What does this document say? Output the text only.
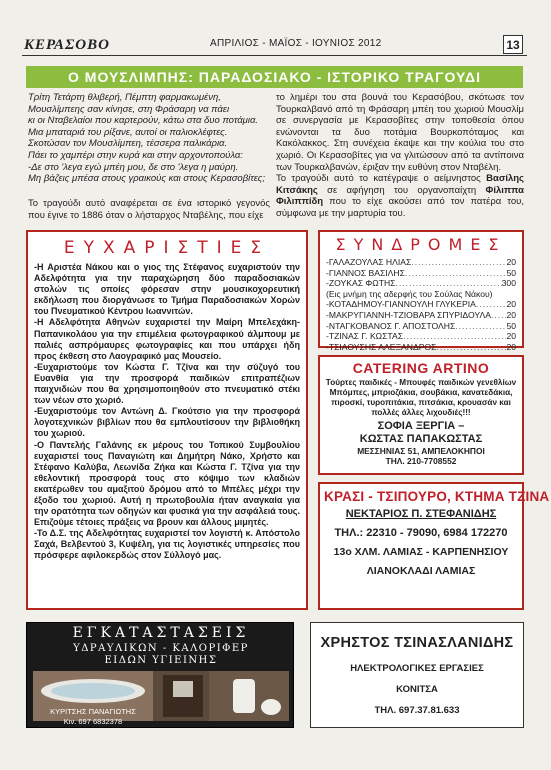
ΚΕΡΑΣΟΒΟ	ΑΠΡΙΛΙΟΣ - ΜΑΪΟΣ - ΙΟΥΝΙΟΣ 2012	13
Ο ΜΟΥΣΛΙΜΠΗΣ: ΠΑΡΑΔΟΣΙΑΚΟ - ΙΣΤΟΡΙΚΟ ΤΡΑΓΟΥΔΙ
Τρίτη Τετάρτη θλιβερή, Πέμπτη φαρμακωμένη,
Μουσλίμπεης σαν κίνησε, στη Φράσαρη να πάει
κι οι Νταβελαίοι που καρτερούν, κάτω στα δυο ποτάμια.
Μια μπαταριά του ρίξανε, αυτοί οι παλιοκλέφτες.
Σκοτώσαν τον Μουσλίμπεη, τέσσερα παλικάρια.
Πάει το χαμπέρι στην κυρά και στην αρχοντοπούλα:
-Δε στο 'λεγα εγώ μπέη μου, δε στο 'λεγα η μαύρη.
Μη βάζεις μπέσα στους γραικούς και στους Κερασοβίτες;
Το τραγούδι αυτό αναφέρεται σε ένα ιστορικό γεγονός που έγινε το 1886 όταν ο λήσταρχος Νταβέλης, που είχε
το λημέρι του στα βουνά του Κερασόβου, σκότωσε τον Τουρκαλβανό από τη Φράσαρη μπέη του χωριού Μουσλίμ σε συνεργασία με Κερασοβίτες στην τοποθεσία όπου ενώνονται τα δυο ποτάμια Βουρκοπόταμος και Κακόλακκος. Στη συνέχεια έκαψε και την κούλια του στο χωριό. Οι Κερασοβίτες για να γλιτώσουν από τα αντίποινα των Τουρκαλβανών, έριξαν την ευθύνη στον Νταβέλη.
Το τραγούδι αυτό το κατέγραψε ο αείμνηστος Βασίλης Κιτσάκης σε αφήγηση του οργανοπαίχτη Φίλιππα Φιλιππίδη που το είχε ακούσει από τον πατέρα του, σύμφωνα με την μαρτυρία του.
ΕΥΧΑΡΙΣΤΙΕΣ

-Η Αριστέα Νάκου και ο γιος της Στέφανος ευχαριστούν την Αδελφότητα για την παραχώρηση δύο παραδοσιακών στολών τις οποίες φόρεσαν στην μουσικοχορευτική εκδήλωση που διοργάνωσε το Τμήμα Παραδοσιακών Χορών του Πνευματικού Κέντρου Ιωαννιτών.

-Η Αδελφότητα Αθηνών ευχαριστεί την Μαίρη Μπελεχάκη-Παπανικολάου για την επιμέλεια φωτογραφικού άλμπουμ με παλιές ασπρόμαυρες φωτογραφίες και που υπάρχει ήδη προς έκθεση στο Λαογραφικό μας Μουσείο.

-Ευχαριστούμε τον Κώστα Γ. Τζίνα και την σύζυγό του Ευανθία για την προσφορά παιδικών επιτραπέζιων παιχνιδιών που θα χρησιμοποιηθούν στο πνευματικό στέκι των νέων στο χωριό.

-Ευχαριστούμε τον Αντώνη Δ. Γκούτσιο για την προσφορά λογοτεχνικών βιβλίων που θα εμπλουτίσουν την βιβλιοθήκη του χωριού.

-Ο Παντελής Γαλάνης εκ μέρους του Τοπικού Συμβουλίου ευχαριστεί τους Παναγιώτη και Δημήτρη Νάκο, Χρήστο και Στέφανο Καλύβα, Λεωνίδα Ζήκα και Κώστα Γ. Τζίνα για την εθελοντική προσφορά τους στο κόψιμο των κλαδιών εκατέρωθεν του αμαξιτού δρόμου από το Μπέλες μέχρι την έξοδο του χωριού. Αυτή η πρωτοβουλία ήταν αναγκαία για την ορατότητα των οδηγών και φυσικά για την ασφάλειά τους. Επιζούμε τέτοιες πράξεις να βρουν και άλλους μιμητές.

-Το Δ.Σ. της Αδελφότητας ευχαριστεί τον λογιστή κ. Απόστολο Σαχά, Βελβεντού 3, Κυψέλη, για τις λογιστικές υπηρεσίες που πρόσφερε αφιλοκερδώς στον Σύλλογό μας.

ΣΥΝΔΡΟΜΕΣ
-ΓΑΛΑΖΟΥΛΑΣ ΗΛΙΑΣ .....	20
-ΓΙΑΝΝΟΣ ΒΑΣΙΛΗΣ .....	50
-ΖΟΥΚΑΣ ΦΩΤΗΣ .....	300
(Εις μνήμη της αδερφής του Σούλας Νάκου)
-ΚΟΤΑΔΗΜΟΥ-ΓΙΑΝΝΟΥΛΗ ΓΛΥΚΕΡΙΑ .....	20
-ΜΑΚΡΥΓΙΑΝΝΗ-ΤΖΙΟΒΑΡΑ ΣΠΥΡΙΔΟΥΛΑ ..... 20
-ΝΤΑΓΚΟΒΑΝΟΣ Γ. ΑΠΟΣΤΟΛΗΣ .....	50
-ΤΖΙΝΑΣ Γ. ΚΩΣΤΑΣ .....	20
-ΤΣΙΑΟΥΣΗΣ ΑΛΕΞΑΝΔΡΟΣ .....	20
CATERING ARTINO
Τούρτες παιδικές - Μπουφές παιδικών γενεθλίων Μπόμπες, μπριοζάκια, σουβάκια, κανατεδάκια, πιροσκί, τυροπιτάκια, πιτσάκια, κρουασάν και πολλές άλλες λιχουδιές!!!
ΣΟΦΙΑ ΞΕΡΓΙΑ –
ΚΩΣΤΑΣ ΠΑΠΑΚΩΣΤΑΣ
ΜΕΣΣΗΝΙΑΣ 51, ΑΜΠΕΛΟΚΗΠΟΙ
ΤΗΛ. 210-7708552
ΚΡΑΣΙ - ΤΣΙΠΟΥΡΟ, ΚΤΗΜΑ ΤΖΙΝΑ
ΝΕΚΤΑΡΙΟΣ Π. ΣΤΕΦΑΝΙΔΗΣ
ΤΗΛ.: 22310 - 79090, 6984 172270
13ο ΧΛΜ. ΛΑΜΙΑΣ - ΚΑΡΠΕΝΗΣΙΟΥ
ΛΙΑΝΟΚΛΑΔΙ ΛΑΜΙΑΣ
ΕΓΚΑΤΑΣΤΑΣΕΙΣ
ΥΔΡΑΥΛΙΚΩΝ - ΚΑΛΟΡΙΦΕΡ
ΕΙΔΩΝ ΥΓΙΕΙΝΗΣ
ΚΥΡΙΤΣΗΣ ΠΑΝΑΓΙΩΤΗΣ
Κιν. 697 6832378
ΧΡΗΣΤΟΣ ΤΣΙΝΑΣΛΑΝΙΔΗΣ
ΗΛΕΚΤΡΟΛΟΓΙΚΕΣ ΕΡΓΑΣΙΕΣ
ΚΟΝΙΤΣΑ
ΤΗΛ. 697.37.81.633
